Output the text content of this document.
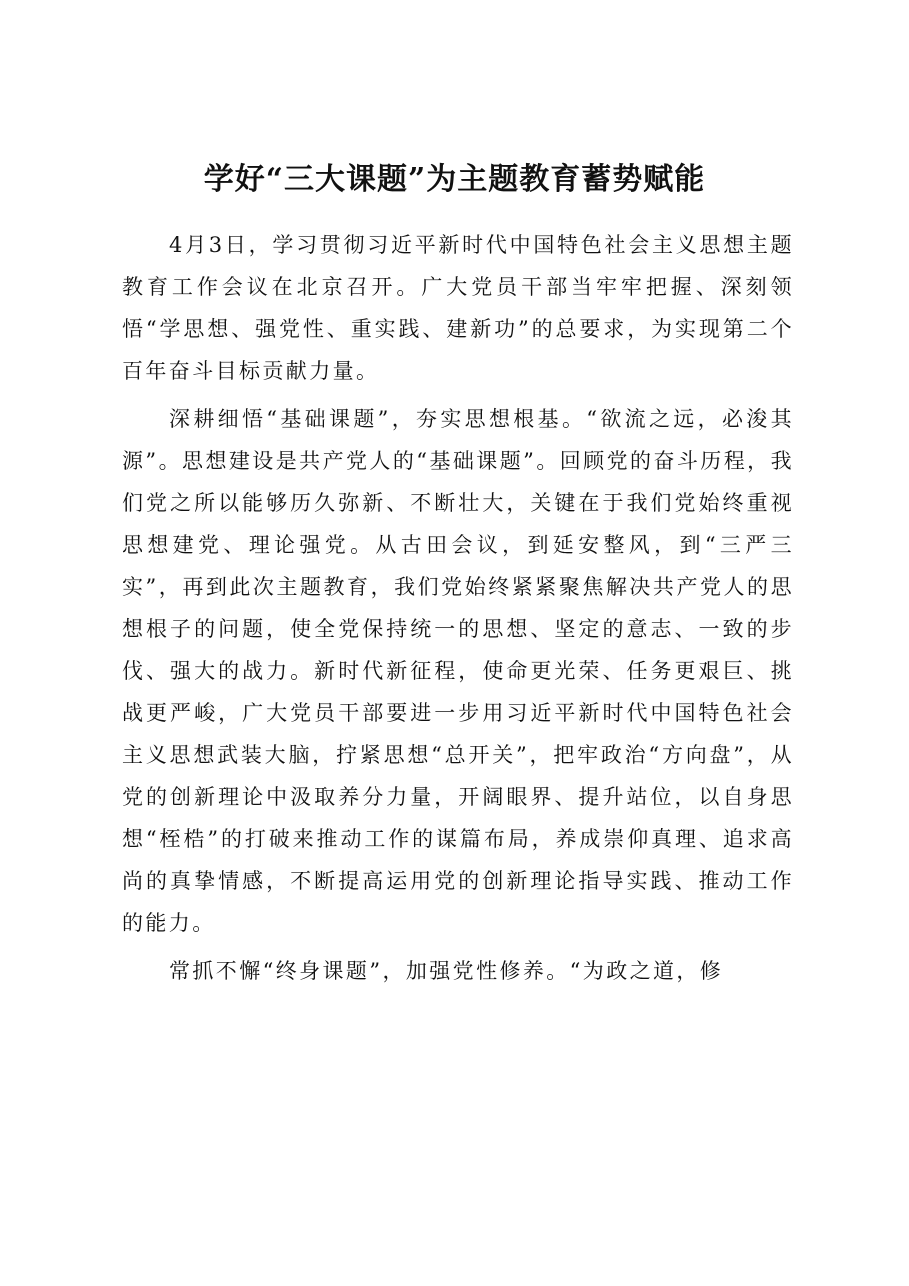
学好“三大课题”为主题教育蓄势赋能

4月3日，学习贯彻习近平新时代中国特色社会主义思想主题教育工作会议在北京召开。广大党员干部当牢牢把握、深刻领悟“学思想、强党性、重实践、建新功”的总要求，为实现第二个百年奋斗目标贡献力量。

深耕细悟“基础课题”，夯实思想根基。“欲流之远，必浚其源”。思想建设是共产党人的“基础课题”。回顾党的奋斗历程，我们党之所以能够历久弥新、不断壮大，关键在于我们党始终重视思想建党、理论强党。从古田会议，到延安整风，到“三严三实”，再到此次主题教育，我们党始终紧紧聚焦解决共产党人的思想根子的问题，使全党保持统一的思想、坚定的意志、一致的步伐、强大的战力。新时代新征程，使命更光荣、任务更艰巨、挑战更严峻，广大党员干部要进一步用习近平新时代中国特色社会主义思想武装大脑，拧紧思想“总开关”，把牢政治“方向盘”，从党的创新理论中汲取养分力量，开阔眼界、提升站位，以自身思想“桎梏”的打破来推动工作的谋篇布局，养成崇仰真理、追求高尚的真挚情感，不断提高运用党的创新理论指导实践、推动工作的能力。

常抓不懈“终身课题”，加强党性修养。“为政之道，修
